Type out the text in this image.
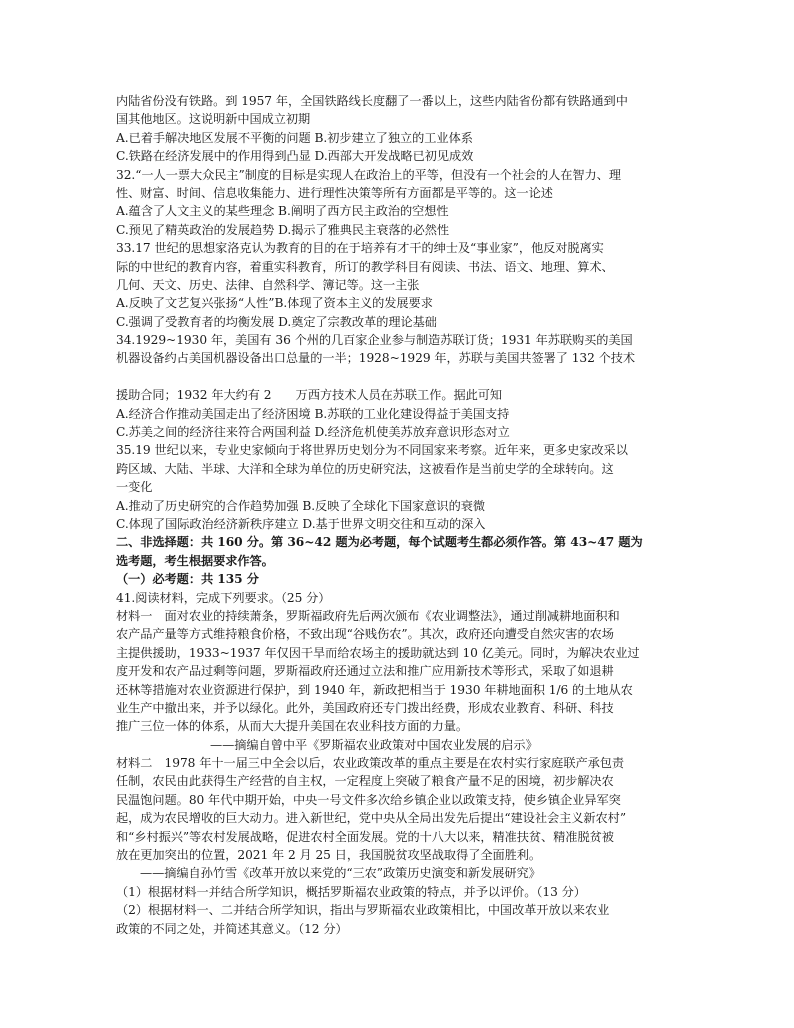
内陆省份没有铁路。到 1957 年，全国铁路线长度翻了一番以上，这些内陆省份都有铁路通到中
国其他地区。这说明新中国成立初期
A.已着手解决地区发展不平衡的问题 B.初步建立了独立的工业体系
C.铁路在经济发展中的作用得到凸显 D.西部大开发战略已初见成效
32.“一人一票大众民主”制度的目标是实现人在政治上的平等，但没有一个社会的人在智力、理
性、财富、时间、信息收集能力、进行理性决策等所有方面都是平等的。这一论述
A.蕴含了人文主义的某些理念 B.阐明了西方民主政治的空想性
C.预见了精英政治的发展趋势 D.揭示了雅典民主衰落的必然性
33.17 世纪的思想家洛克认为教育的目的在于培养有才干的绅士及“事业家”，他反对脱离实
际的中世纪的教育内容，着重实科教育，所订的教学科目有阅读、书法、语文、地理、算术、
几何、天文、历史、法律、自然科学、簿记等。这一主张
A.反映了文艺复兴张扬“人性”B.体现了资本主义的发展要求
C.强调了受教育者的均衡发展 D.奠定了宗教改革的理论基础
34.1929~1930 年，美国有 36 个州的几百家企业参与制造苏联订货；1931 年苏联购买的美国
机器设备约占美国机器设备出口总量的一半；1928~1929 年，苏联与美国共签署了 132 个技术
援助合同；1932 年大约有 2　　万西方技术人员在苏联工作。据此可知
A.经济合作推动美国走出了经济困境 B.苏联的工业化建设得益于美国支持
C.苏美之间的经济往来符合两国利益 D.经济危机使美苏放弃意识形态对立
35.19 世纪以来，专业史家倾向于将世界历史划分为不同国家来考察。近年来，更多史家改采以
跨区域、大陆、半球、大洋和全球为单位的历史研究法，这被看作是当前史学的全球转向。这
一变化
A.推动了历史研究的合作趋势加强 B.反映了全球化下国家意识的衰微
C.体现了国际政治经济新秩序建立 D.基于世界文明交往和互动的深入
二、非选择题：共 160 分。第 36~42 题为必考题，每个试题考生都必须作答。第 43~47 题为
选考题，考生根据要求作答。
（一）必考题：共 135 分
41.阅读材料，完成下列要求。（25 分）
材料一　面对农业的持续萧条，罗斯福政府先后两次颁布《农业调整法》，通过削减耕地面积和
农产品产量等方式维持粮食价格，不致出现“谷贱伤农”。其次，政府还向遭受自然灾害的农场
主提供援助，1933~1937 年仅因干旱而给农场主的援助就达到 10 亿美元。同时，为解决农业过
度开发和农产品过剩等问题，罗斯福政府还通过立法和推广应用新技术等形式，采取了如退耕
还林等措施对农业资源进行保护，到 1940 年，新政把相当于 1930 年耕地面积 1/6 的土地从农
业生产中撤出来，并予以绿化。此外，美国政府还专门拨出经费，形成农业教育、科研、科技
推广三位一体的体系，从而大大提升美国在农业科技方面的力量。
——摘编自曾中平《罗斯福农业政策对中国农业发展的启示》
材料二　1978 年十一届三中全会以后，农业政策改革的重点主要是在农村实行家庭联产承包责
任制，农民由此获得生产经营的自主权，一定程度上突破了粮食产量不足的困境，初步解决农
民温饱问题。80 年代中期开始，中央一号文件多次给乡镇企业以政策支持，使乡镇企业异军突
起，成为农民增收的巨大动力。进入新世纪，党中央从全局出发先后提出“建设社会主义新农村”
和“乡村振兴”等农村发展战略，促进农村全面发展。党的十八大以来，精准扶贫、精准脱贫被
放在更加突出的位置，2021 年 2 月 25 日，我国脱贫攻坚战取得了全面胜利。
——摘编自孙竹雪《改革开放以来党的“三农”政策历史演变和新发展研究》
（1）根据材料一并结合所学知识，概括罗斯福农业政策的特点，并予以评价。（13 分）
（2）根据材料一、二并结合所学知识，指出与罗斯福农业政策相比，中国改革开放以来农业
政策的不同之处，并简述其意义。（12 分）
